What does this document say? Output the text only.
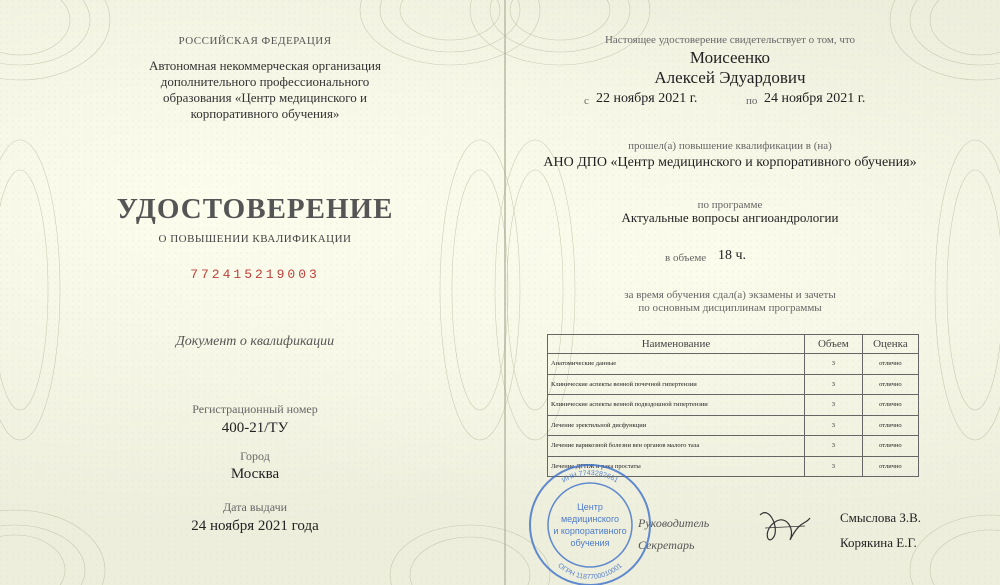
РОССИЙСКАЯ ФЕДЕРАЦИЯ
Автономная некоммерческая организация дополнительного профессионального образования «Центр медицинского и корпоративного обучения»
УДОСТОВЕРЕНИЕ
О ПОВЫШЕНИИ КВАЛИФИКАЦИИ
772415219003
Документ о квалификации
Регистрационный номер
400-21/ТУ
Город
Москва
Дата выдачи
24 ноября 2021 года
Настоящее удостоверение свидетельствует о том, что
Моисеенко
Алексей Эдуардович
с 22 ноября 2021 г.	по 24 ноября 2021 г.
прошел(а) повышение квалификации в (на)
АНО ДПО «Центр медицинского и корпоративного обучения»
по программе
Актуальные вопросы ангиоандрологии
в объеме 18 ч.
за время обучения сдал(а) экзамены и зачеты
по основным дисциплинам программы
Наименование	Объем	Оценка
Анатомические данные	3	отлично
Клинические аспекты венной почечной гипертензии	3	отлично
Клинические аспекты венной подвздошной гипертензии	3	отлично
Лечение эректильной дисфункции	3	отлично
Лечение варикозной болезни вен органов малого таза	3	отлично
Лечение ДГПЖ и рака простаты	3	отлично
Руководитель	Смыслова З.В.
Секретарь	Корякина Е.Г.
ИНН 7743282661
ОГРН 1187700010001
Центр
медицинского
и корпоративного
обучения
